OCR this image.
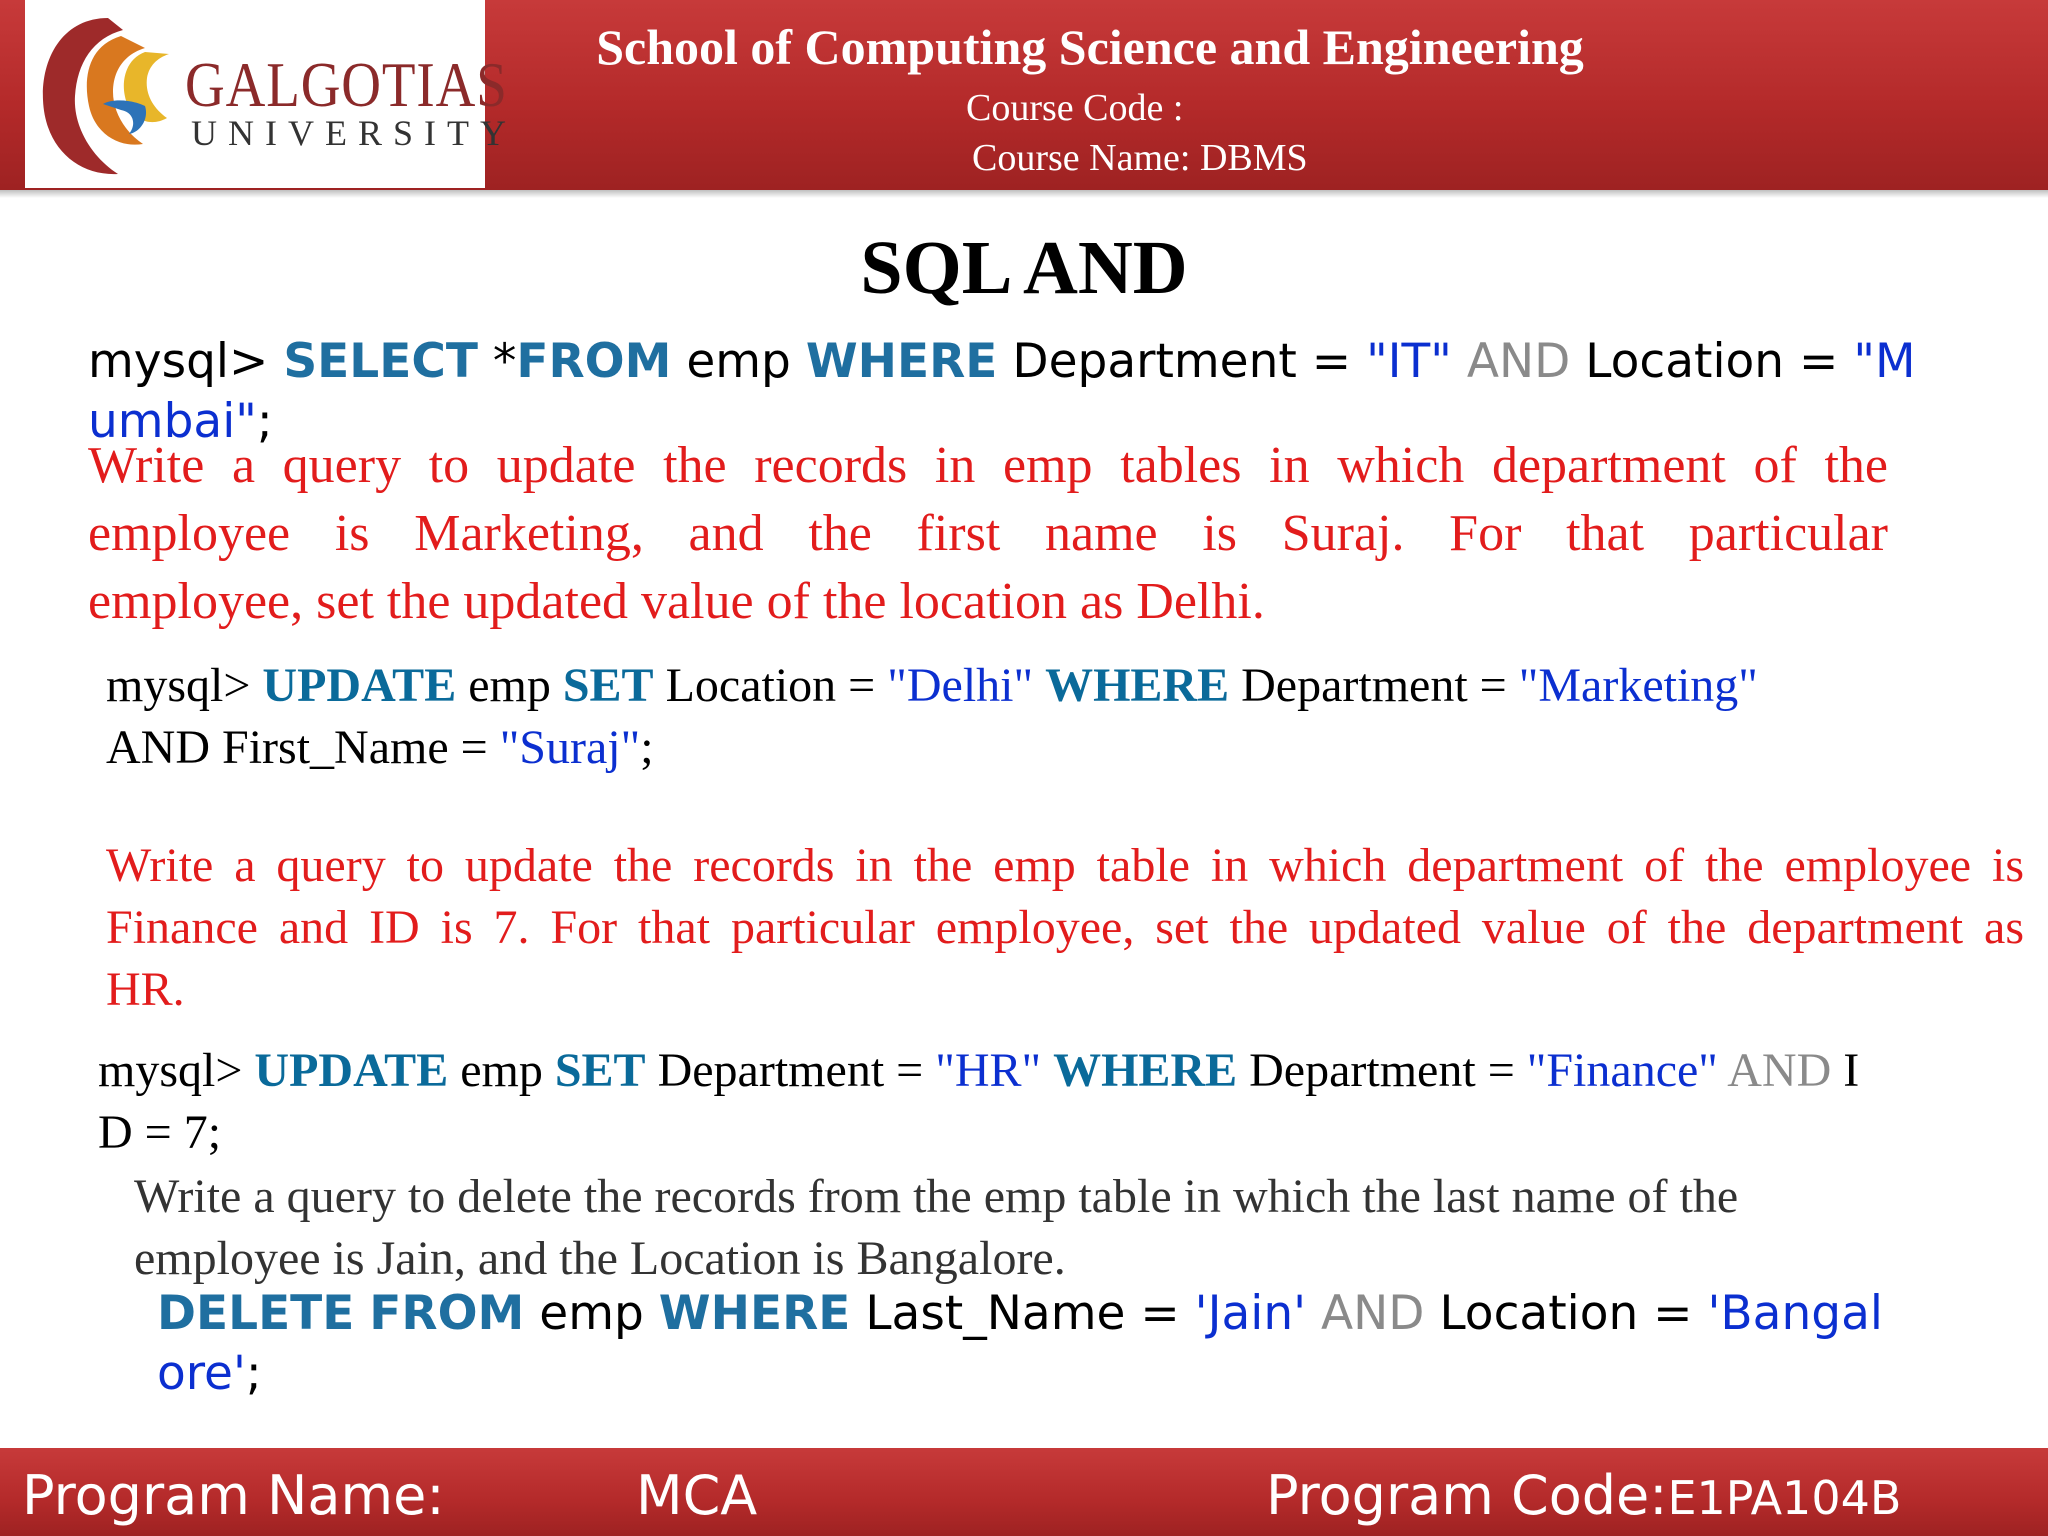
GALGOTIAS
UNIVERSITY
School of Computing Science and Engineering
Course Code :
Course Name: DBMS
SQL AND
mysql> SELECT *FROM emp WHERE Department = "IT" AND Location = "M
umbai";
Write a query to update the records in emp tables in which department of the
employee is Marketing, and the first name is Suraj. For that particular
employee, set the updated value of the location as Delhi.
mysql> UPDATE emp SET Location = "Delhi" WHERE Department = "Marketing"
AND First_Name = "Suraj";
Write a query to update the records in the emp table in which department of the employee is
Finance and ID is 7. For that particular employee, set the updated value of the department as
HR.
mysql> UPDATE emp SET Department = "HR" WHERE Department = "Finance" AND I
D = 7;
Write a query to delete the records from the emp table in which the last name of the
employee is Jain, and the Location is Bangalore.
DELETE FROM emp WHERE Last_Name = 'Jain' AND Location = 'Bangal
ore';
Program Name:	MCA	Program Code:E1PA104B
